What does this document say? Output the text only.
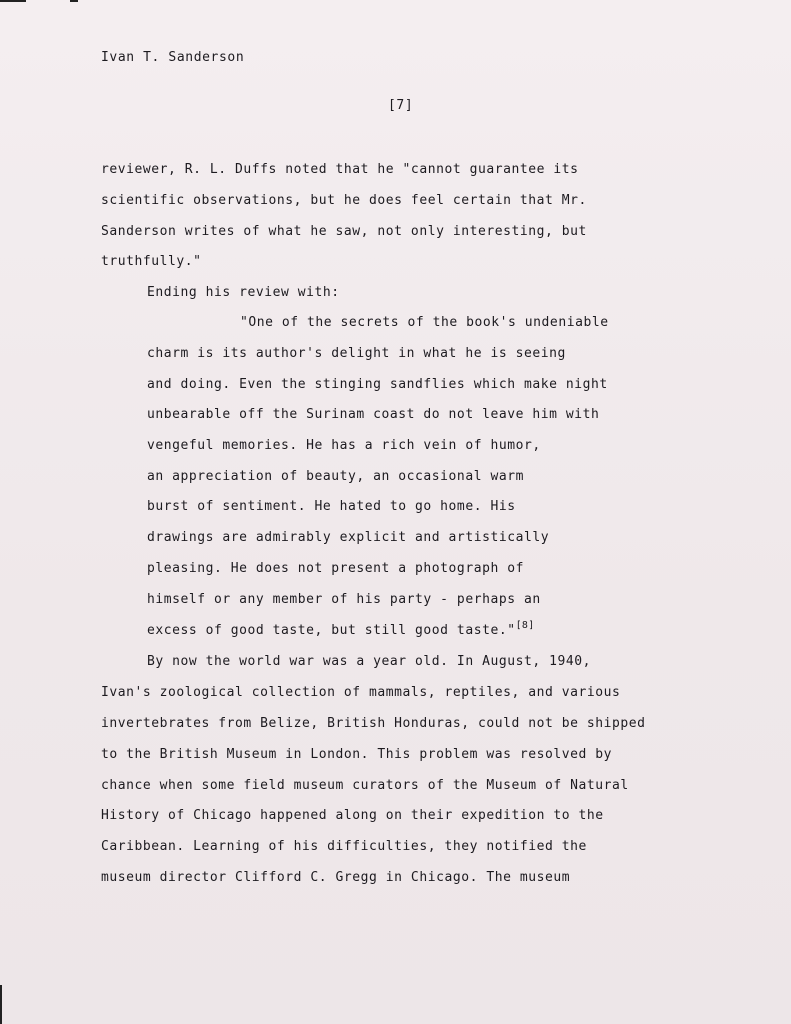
Ivan T. Sanderson
[7]
reviewer, R. L. Duffs noted that he "cannot guarantee its
scientific observations, but he does feel certain that Mr.
Sanderson writes of what he saw, not only interesting, but
truthfully."
Ending his review with:
"One of the secrets of the book's undeniable
charm is its author's delight in what he is seeing
and doing. Even the stinging sandflies which make night
unbearable off the Surinam coast do not leave him with
vengeful memories. He has a rich vein of humor,
an appreciation of beauty, an occasional warm
burst of sentiment. He hated to go home. His
drawings are admirably explicit and artistically
pleasing. He does not present a photograph of
himself or any member of his party - perhaps an
excess of good taste, but still good taste."[8]
By now the world war was a year old. In August, 1940,
Ivan's zoological collection of mammals, reptiles, and various
invertebrates from Belize, British Honduras, could not be shipped
to the British Museum in London. This problem was resolved by
chance when some field museum curators of the Museum of Natural
History of Chicago happened along on their expedition to the
Caribbean. Learning of his difficulties, they notified the
museum director Clifford C. Gregg in Chicago. The museum
